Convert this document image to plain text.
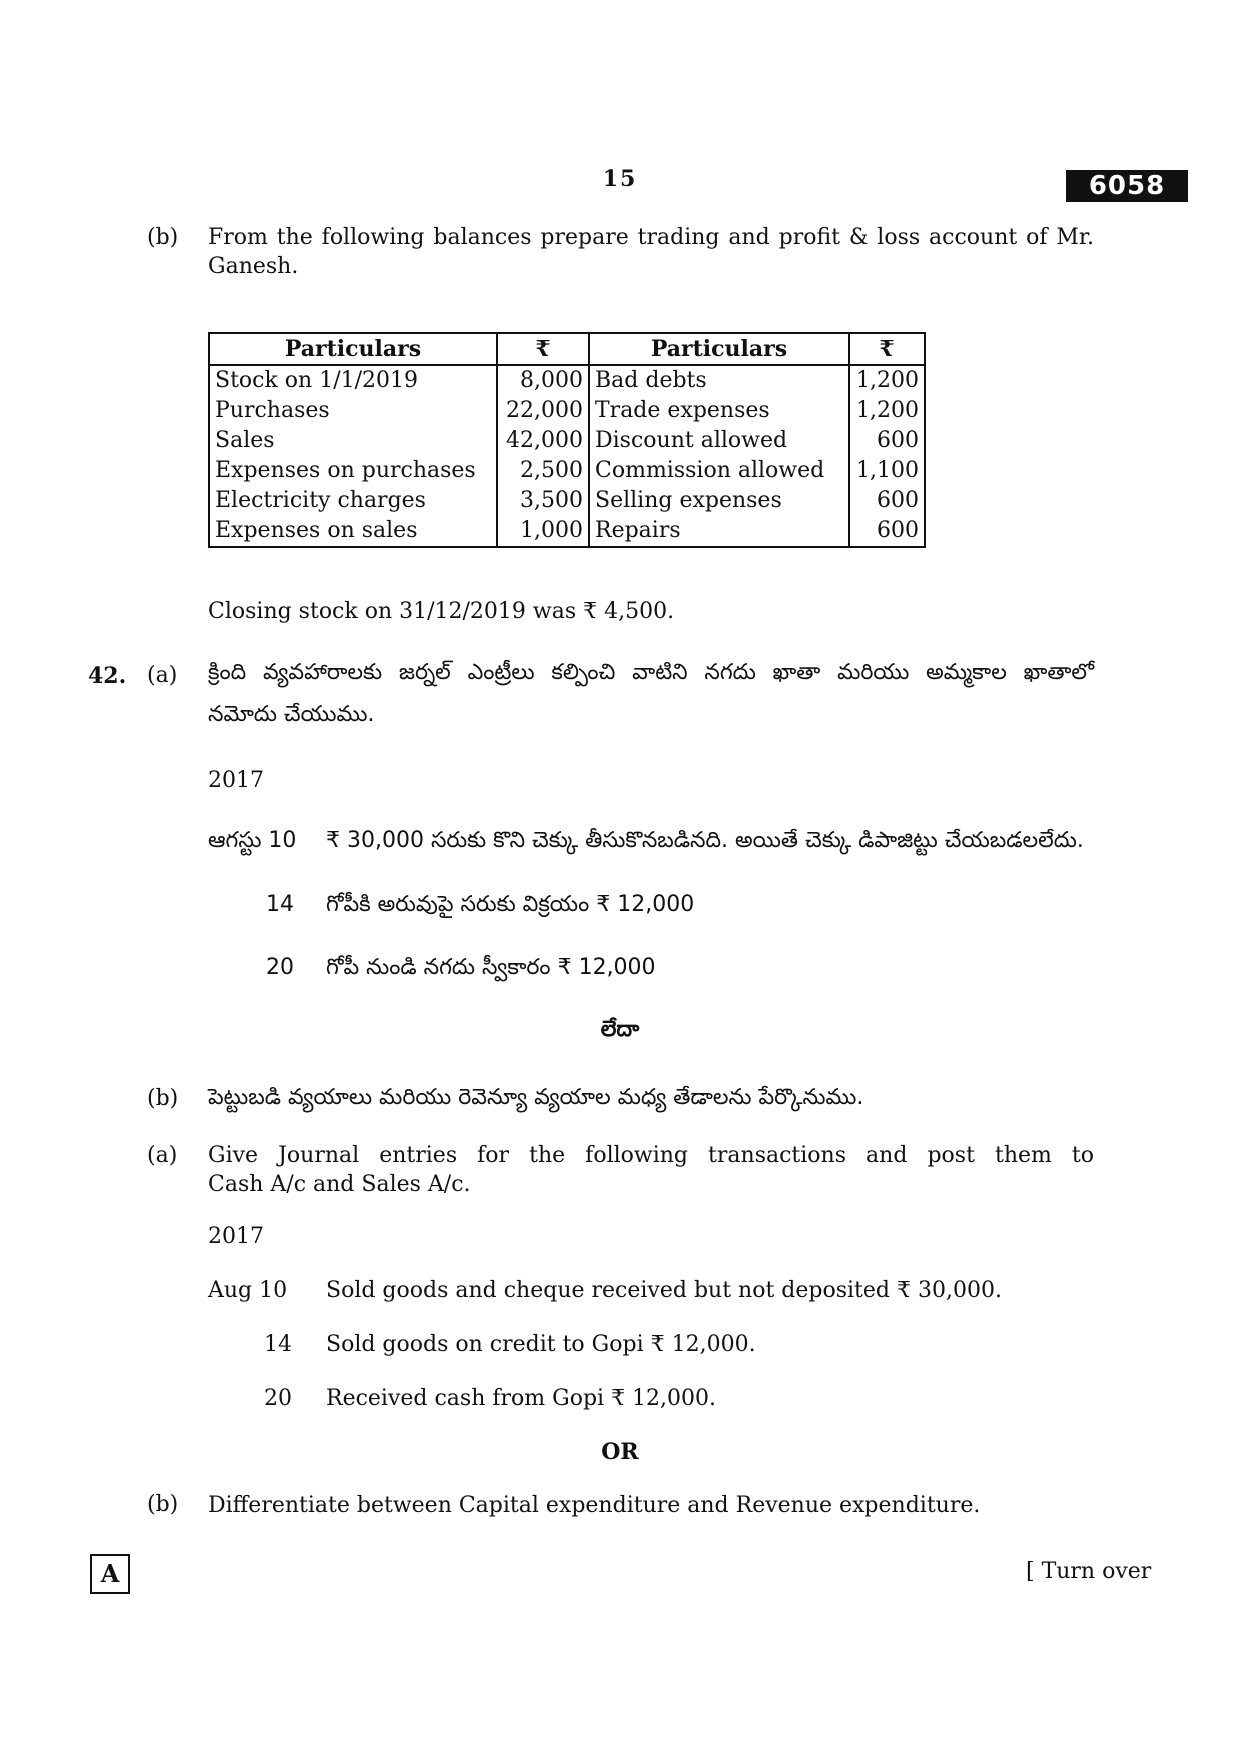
15	6058
(b) From the following balances prepare trading and profit & loss account of Mr.
Ganesh.
Particulars	₹	Particulars	₹
Stock on 1/1/2019	8,000	Bad debts	1,200
Purchases	22,000	Trade expenses	1,200
Sales	42,000	Discount allowed	600
Expenses on purchases	2,500	Commission allowed	1,100
Electricity charges	3,500	Selling expenses	600
Expenses on sales	1,000	Repairs	600
Closing stock on 31/12/2019 was ₹ 4,500.
42. (a) క్రింది వ్యవహారాలకు జర్నల్ ఎంట్రీలు కల్పించి వాటిని నగదు ఖాతా మరియు అమ్మకాల ఖాతాలో
నమోదు చేయుము.
2017
ఆగస్టు 10 ₹ 30,000 సరుకు కొని చెక్కు తీసుకొనబడినది. అయితే చెక్కు డిపాజిట్టు చేయబడలలేదు.
14 గోపీకి అరువుపై సరుకు విక్రయం ₹ 12,000
20 గోపీ నుండి నగదు స్వీకారం ₹ 12,000
లేదా
(b) పెట్టుబడి వ్యయాలు మరియు రెవెన్యూ వ్యయాల మధ్య తేడాలను పేర్కొనుము.
(a) Give Journal entries for the following transactions and post them to
Cash A/c and Sales A/c.
2017
Aug 10 Sold goods and cheque received but not deposited ₹ 30,000.
14 Sold goods on credit to Gopi ₹ 12,000.
20 Received cash from Gopi ₹ 12,000.
OR
(b) Differentiate between Capital expenditure and Revenue expenditure.
A	[ Turn over
